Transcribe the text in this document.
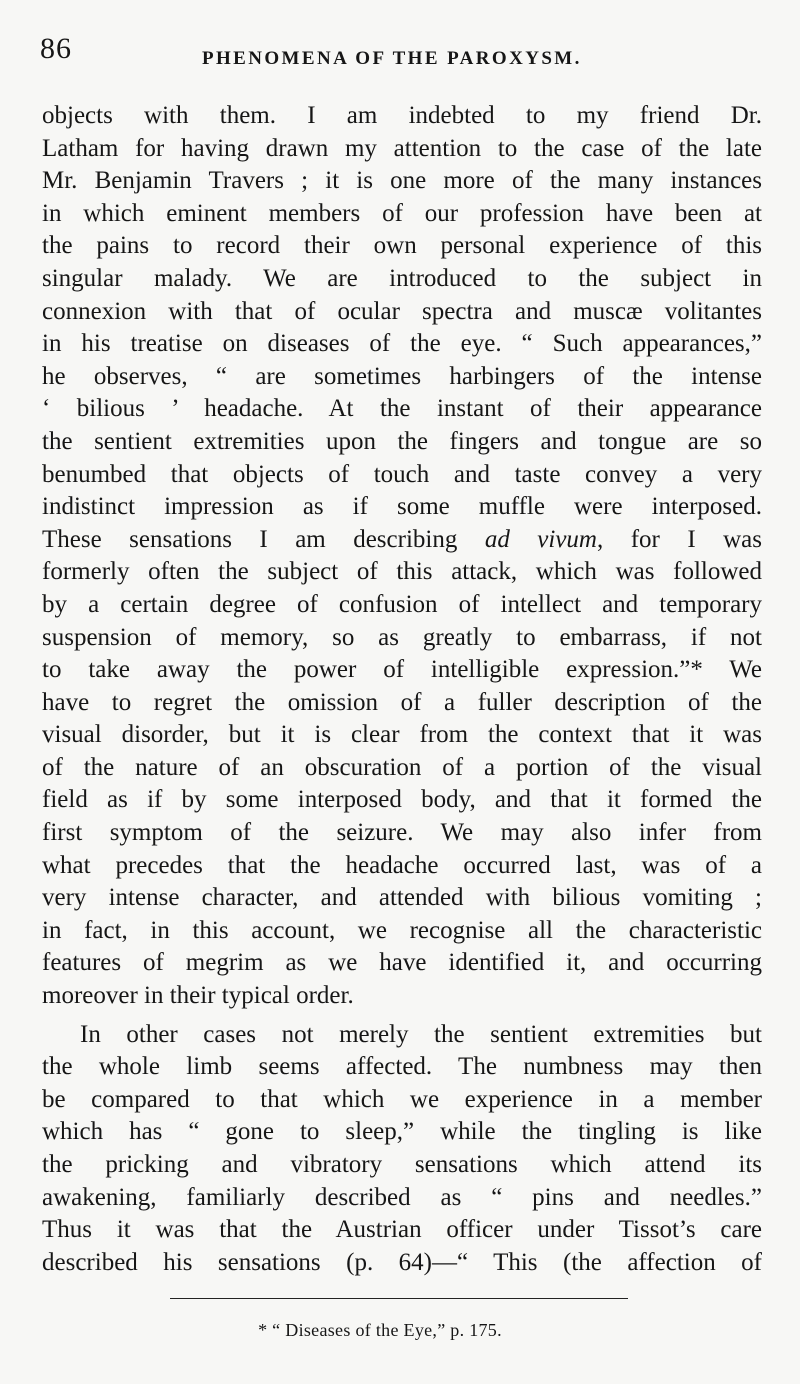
86	PHENOMENA OF THE PAROXYSM.
objects with them. I am indebted to my friend Dr.
Latham for having drawn my attention to the case of the late
Mr. Benjamin Travers ; it is one more of the many instances
in which eminent members of our profession have been at
the pains to record their own personal experience of this
singular malady. We are introduced to the subject in
connexion with that of ocular spectra and muscæ volitantes
in his treatise on diseases of the eye. “ Such appearances,”
he observes, “ are sometimes harbingers of the intense
‘ bilious ’ headache. At the instant of their appearance
the sentient extremities upon the fingers and tongue are so
benumbed that objects of touch and taste convey a very
indistinct impression as if some muffle were interposed.
These sensations I am describing ad vivum, for I was
formerly often the subject of this attack, which was followed
by a certain degree of confusion of intellect and temporary
suspension of memory, so as greatly to embarrass, if not
to take away the power of intelligible expression.”* We
have to regret the omission of a fuller description of the
visual disorder, but it is clear from the context that it was
of the nature of an obscuration of a portion of the visual
field as if by some interposed body, and that it formed the
first symptom of the seizure. We may also infer from
what precedes that the headache occurred last, was of a
very intense character, and attended with bilious vomiting ;
in fact, in this account, we recognise all the characteristic
features of megrim as we have identified it, and occurring
moreover in their typical order.
In other cases not merely the sentient extremities but
the whole limb seems affected. The numbness may then
be compared to that which we experience in a member
which has “ gone to sleep,” while the tingling is like
the pricking and vibratory sensations which attend its
awakening, familiarly described as “ pins and needles.”
Thus it was that the Austrian officer under Tissot’s care
described his sensations (p. 64)—“ This (the affection of
* “ Diseases of the Eye,” p. 175.
